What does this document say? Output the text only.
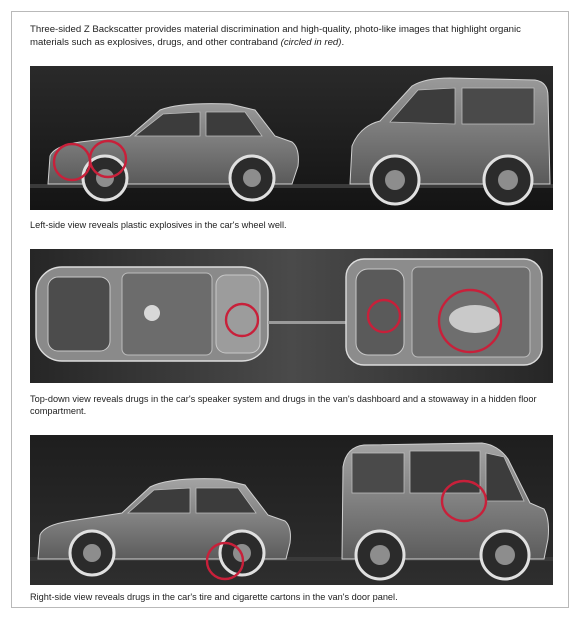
Three-sided Z Backscatter provides material discrimination and high-quality, photo-like images that highlight organic materials such as explosives, drugs, and other contraband (circled in red).
Left-side view reveals plastic explosives in the car's wheel well.
Top-down view reveals drugs in the car's speaker system and drugs in the van's dashboard and a stowaway in a hidden floor compartment.
Right-side view reveals drugs in the car's tire and cigarette cartons in the van's door panel.
